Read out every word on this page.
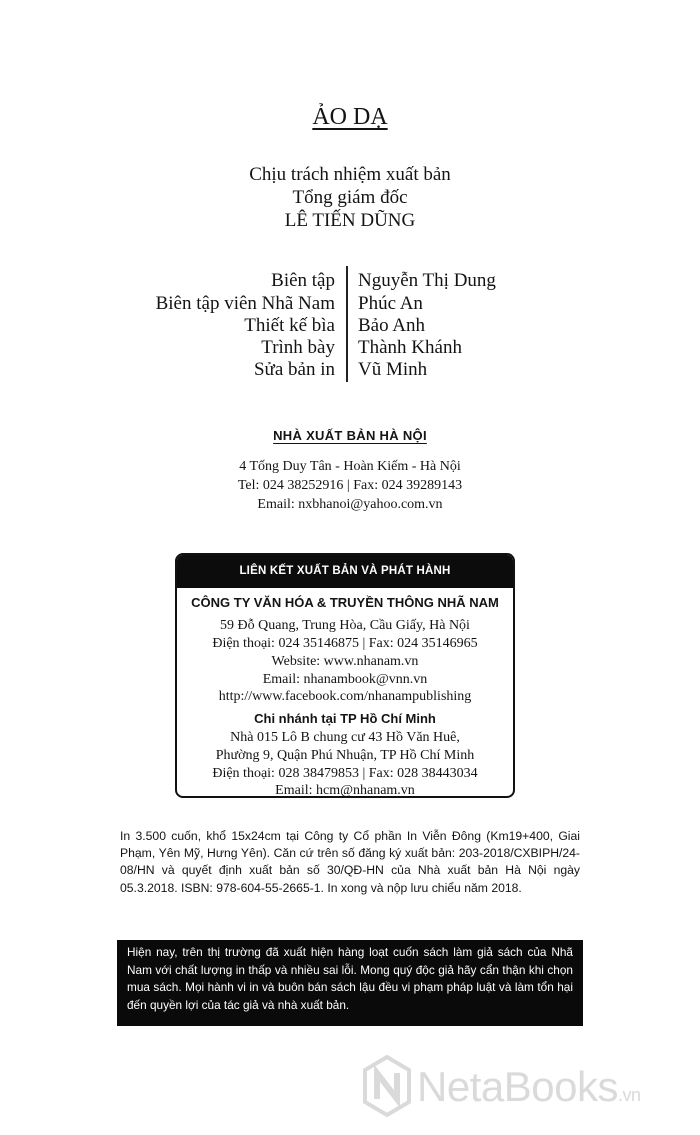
ẢO DẠ
Chịu trách nhiệm xuất bản
Tổng giám đốc
LÊ TIẾN DŨNG
Biên tập Nguyễn Thị Dung
Biên tập viên Nhã Nam Phúc An
Thiết kế bìa Bảo Anh
Trình bày Thành Khánh
Sửa bản in Vũ Minh
NHÀ XUẤT BẢN HÀ NỘI
4 Tống Duy Tân - Hoàn Kiếm - Hà Nội
Tel: 024 38252916 | Fax: 024 39289143
Email: nxbhanoi@yahoo.com.vn
LIÊN KẾT XUẤT BẢN VÀ PHÁT HÀNH
CÔNG TY VĂN HÓA & TRUYỀN THÔNG NHÃ NAM
59 Đỗ Quang, Trung Hòa, Cầu Giấy, Hà Nội
Điện thoại: 024 35146875 | Fax: 024 35146965
Website: www.nhanam.vn
Email: nhanambook@vnn.vn
http://www.facebook.com/nhanampublishing
Chi nhánh tại TP Hồ Chí Minh
Nhà 015 Lô B chung cư 43 Hồ Văn Huê,
Phường 9, Quận Phú Nhuận, TP Hồ Chí Minh
Điện thoại: 028 38479853 | Fax: 028 38443034
Email: hcm@nhanam.vn
In 3.500 cuốn, khổ 15x24cm tại Công ty Cổ phần In Viễn Đông (Km19+400, Giai Phạm, Yên Mỹ, Hưng Yên). Căn cứ trên số đăng ký xuất bản: 203-2018/CXBIPH/24-08/HN và quyết định xuất bản số 30/QĐ-HN của Nhà xuất bản Hà Nội ngày 05.3.2018. ISBN: 978-604-55-2665-1. In xong và nộp lưu chiểu năm 2018.

Hiện nay, trên thị trường đã xuất hiện hàng loạt cuốn sách làm giả sách của Nhã Nam với chất lượng in thấp và nhiều sai lỗi. Mong quý độc giả hãy cẩn thận khi chọn mua sách. Mọi hành vi in và buôn bán sách lậu đều vi phạm pháp luật và làm tổn hại đến quyền lợi của tác giả và nhà xuất bản.

NetaBooks.vn
